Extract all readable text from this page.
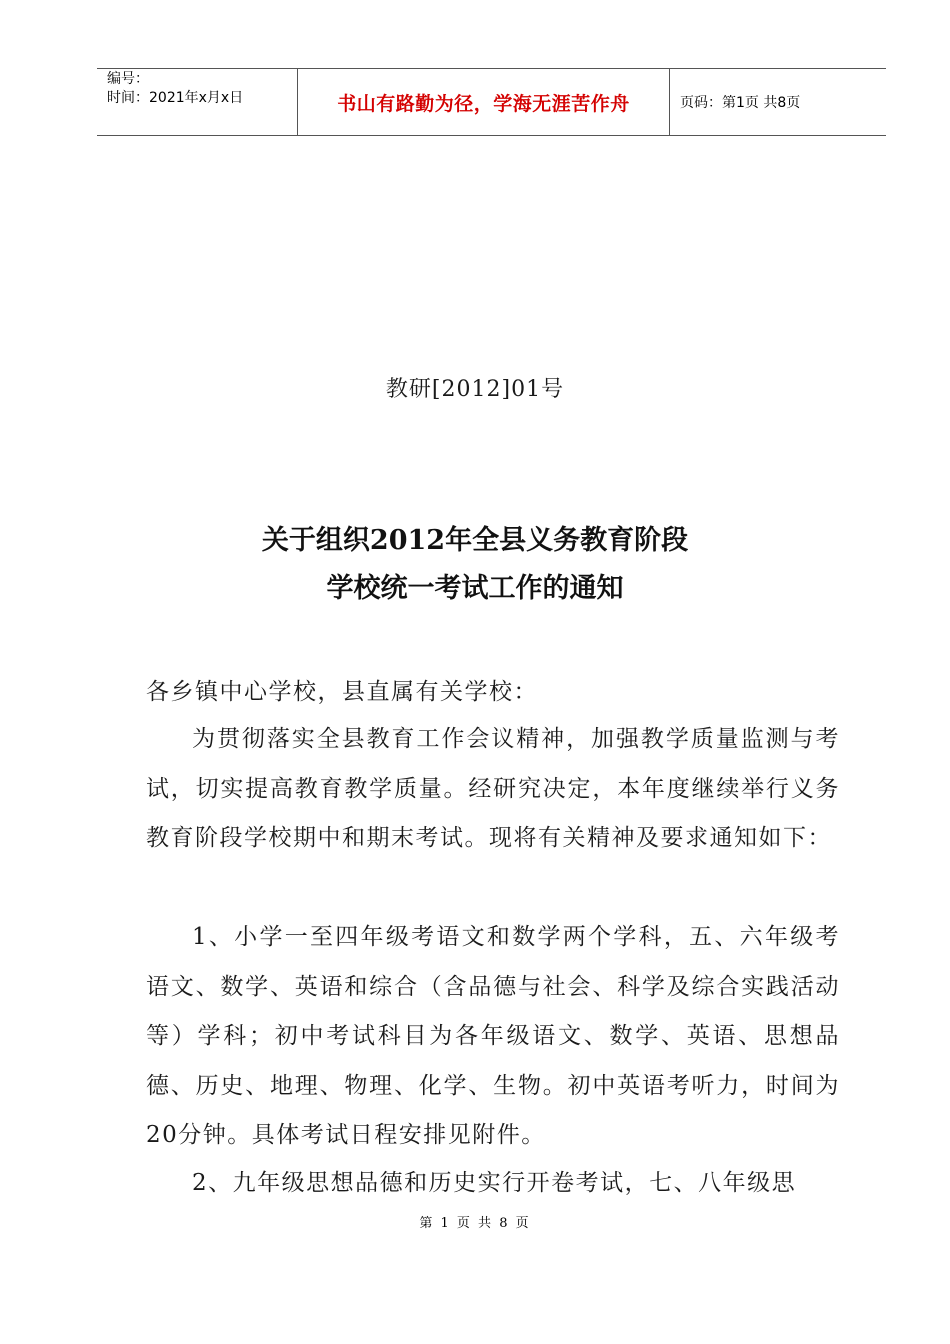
编号：
时间：2021年x月x日	书山有路勤为径，学海无涯苦作舟	页码：第1页 共8页
教研[2012]01号
关于组织2012年全县义务教育阶段
学校统一考试工作的通知
各乡镇中心学校，县直属有关学校：

为贯彻落实全县教育工作会议精神，加强教学质量监测与考试，切实提高教育教学质量。经研究决定，本年度继续举行义务教育阶段学校期中和期末考试。现将有关精神及要求通知如下：

1、小学一至四年级考语文和数学两个学科，五、六年级考语文、数学、英语和综合（含品德与社会、科学及综合实践活动等）学科；初中考试科目为各年级语文、数学、英语、思想品德、历史、地理、物理、化学、生物。初中英语考听力，时间为20分钟。具体考试日程安排见附件。

2、九年级思想品德和历史实行开卷考试，七、八年级思

第 1 页 共 8 页
